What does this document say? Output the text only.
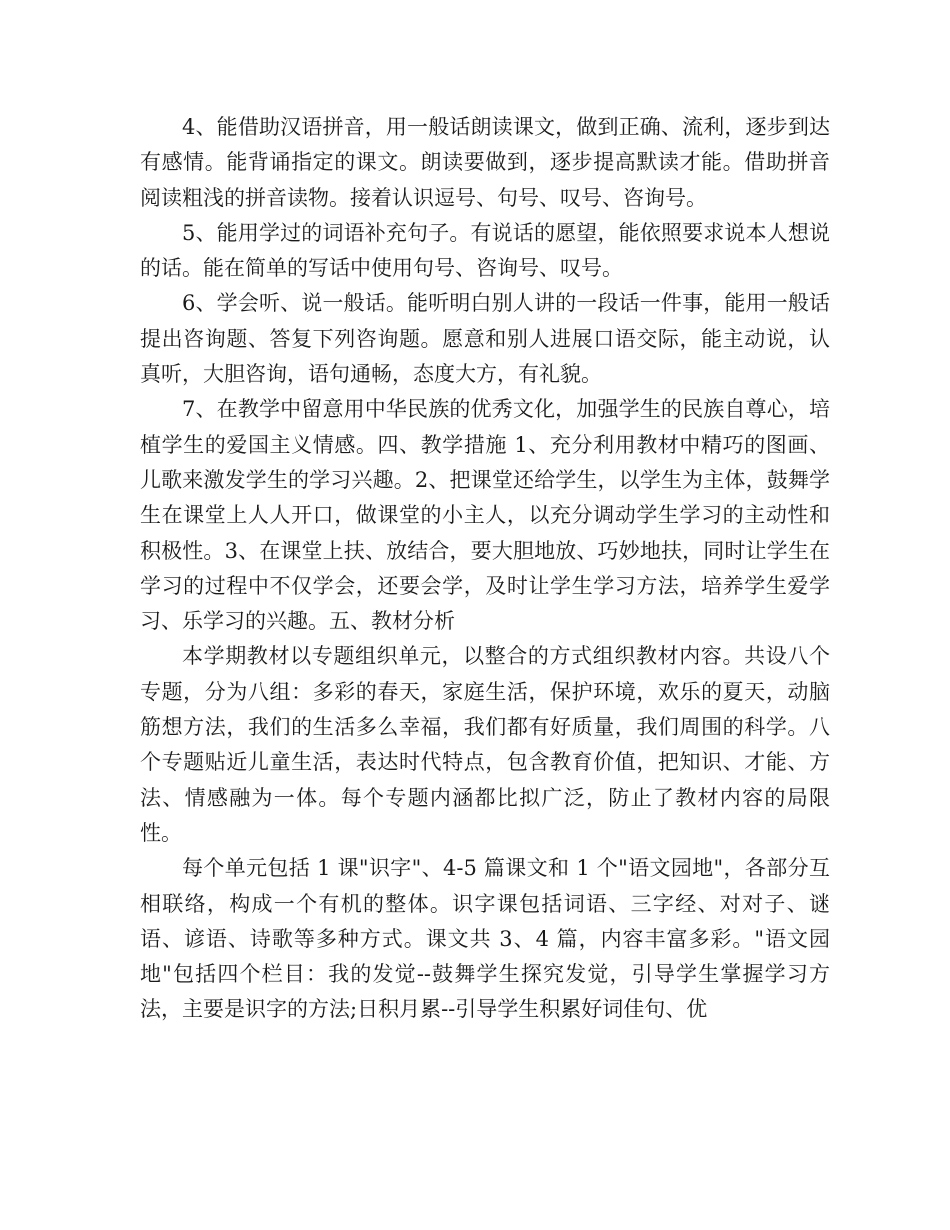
4、能借助汉语拼音，用一般话朗读课文，做到正确、流利，逐步到达有感情。能背诵指定的课文。朗读要做到，逐步提高默读才能。借助拼音阅读粗浅的拼音读物。接着认识逗号、句号、叹号、咨询号。

5、能用学过的词语补充句子。有说话的愿望，能依照要求说本人想说的话。能在简单的写话中使用句号、咨询号、叹号。

6、学会听、说一般话。能听明白别人讲的一段话一件事，能用一般话提出咨询题、答复下列咨询题。愿意和别人进展口语交际，能主动说，认真听，大胆咨询，语句通畅，态度大方，有礼貌。

7、在教学中留意用中华民族的优秀文化，加强学生的民族自尊心，培植学生的爱国主义情感。四、教学措施 1、充分利用教材中精巧的图画、儿歌来激发学生的学习兴趣。2、把课堂还给学生，以学生为主体，鼓舞学生在课堂上人人开口，做课堂的小主人，以充分调动学生学习的主动性和积极性。3、在课堂上扶、放结合，要大胆地放、巧妙地扶，同时让学生在学习的过程中不仅学会，还要会学，及时让学生学习方法，培养学生爱学习、乐学习的兴趣。五、教材分析

本学期教材以专题组织单元，以整合的方式组织教材内容。共设八个专题，分为八组：多彩的春天，家庭生活，保护环境，欢乐的夏天，动脑筋想方法，我们的生活多么幸福，我们都有好质量，我们周围的科学。八个专题贴近儿童生活，表达时代特点，包含教育价值，把知识、才能、方法、情感融为一体。每个专题内涵都比拟广泛，防止了教材内容的局限性。

每个单元包括 1 课"识字"、4-5 篇课文和 1 个"语文园地"，各部分互相联络，构成一个有机的整体。识字课包括词语、三字经、对对子、谜语、谚语、诗歌等多种方式。课文共 3、4 篇，内容丰富多彩。"语文园地"包括四个栏目：我的发觉--鼓舞学生探究发觉，引导学生掌握学习方法，主要是识字的方法;日积月累--引导学生积累好词佳句、优
